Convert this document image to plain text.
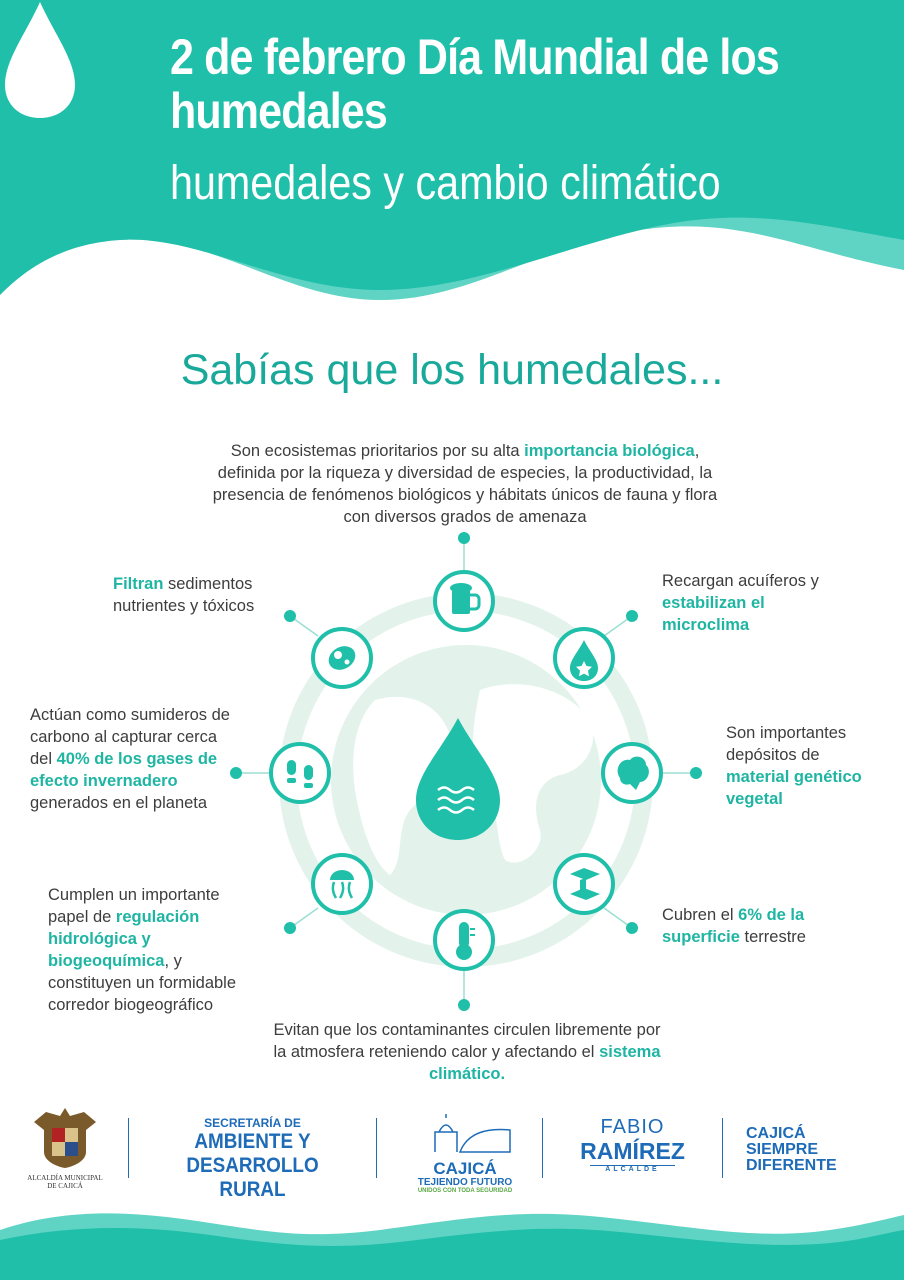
2 de febrero Día Mundial de los humedales
humedales y cambio climático
Sabías que los humedales...
Son ecosistemas prioritarios por su alta importancia biológica, definida por la riqueza y diversidad de especies, la productividad, la presencia de fenómenos biológicos y hábitats únicos de fauna y flora con diversos grados de amenaza
Filtran sedimentos nutrientes y tóxicos
Recargan acuíferos y estabilizan el microclima
Actúan como sumideros de carbono al capturar cerca del 40% de los gases de efecto invernadero generados en el planeta
Son importantes depósitos de material genético vegetal
Cumplen un importante papel de regulación hidrológica y biogeoquímica, y constituyen un formidable corredor biogeográfico
Cubren el 6% de la superficie terrestre
Evitan que los contaminantes circulen libremente por la atmosfera reteniendo calor y afectando el sistema climático.
ALCALDÍA MUNICIPAL DE CAJICÁ
SECRETARÍA DE
AMBIENTE Y
DESARROLLO RURAL
CAJICÁ
TEJIENDO FUTURO
UNIDOS CON TODA SEGURIDAD
FABIO
RAMÍREZ
ALCALDE
CAJICÁ
SIEMPRE
DIFERENTE
